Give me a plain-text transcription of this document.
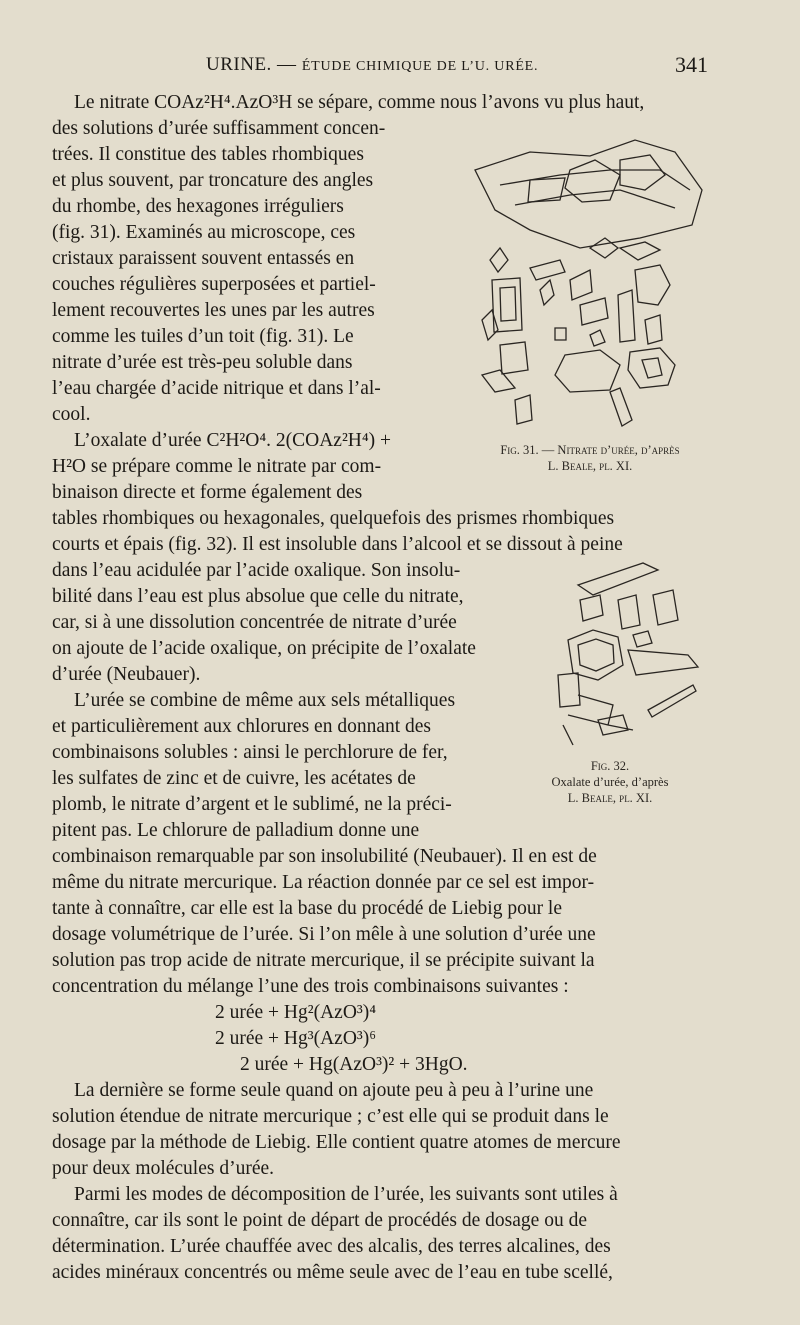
URINE. — ÉTUDE CHIMIQUE DE L’U. URÉE.	341
Le nitrate COAz²H⁴.AzO³H se sépare, comme nous l’avons vu plus haut,
des solutions d’urée suffisamment concen-
trées. Il constitue des tables rhombiques
et plus souvent, par troncature des angles
du rhombe, des hexagones irréguliers
(fig. 31). Examinés au microscope, ces
cristaux paraissent souvent entassés en
couches régulières superposées et partiel-
lement recouvertes les unes par les autres
comme les tuiles d’un toit (fig. 31). Le
nitrate d’urée est très-peu soluble dans
l’eau chargée d’acide nitrique et dans l’al-
cool.
L’oxalate d’urée C²H²O⁴. 2(COAz²H⁴) +
H²O se prépare comme le nitrate par com-
binaison directe et forme également des
tables rhombiques ou hexagonales, quelquefois des prismes rhombiques
courts et épais (fig. 32). Il est insoluble dans l’alcool et se dissout à peine
dans l’eau acidulée par l’acide oxalique. Son insolu-
bilité dans l’eau est plus absolue que celle du nitrate,
car, si à une dissolution concentrée de nitrate d’urée
on ajoute de l’acide oxalique, on précipite de l’oxalate
d’urée (Neubauer).
L’urée se combine de même aux sels métalliques
et particulièrement aux chlorures en donnant des
combinaisons solubles : ainsi le perchlorure de fer,
les sulfates de zinc et de cuivre, les acétates de
plomb, le nitrate d’argent et le sublimé, ne la préci-
pitent pas. Le chlorure de palladium donne une
combinaison remarquable par son insolubilité (Neubauer). Il en est de
même du nitrate mercurique. La réaction donnée par ce sel est impor-
tante à connaître, car elle est la base du procédé de Liebig pour le
dosage volumétrique de l’urée. Si l’on mêle à une solution d’urée une
solution pas trop acide de nitrate mercurique, il se précipite suivant la
concentration du mélange l’une des trois combinaisons suivantes :
2 urée + Hg²(AzO³)⁴
2 urée + Hg³(AzO³)⁶
2 urée + Hg(AzO³)² + 3HgO.
La dernière se forme seule quand on ajoute peu à peu à l’urine une
solution étendue de nitrate mercurique ; c’est elle qui se produit dans le
dosage par la méthode de Liebig. Elle contient quatre atomes de mercure
pour deux molécules d’urée.
Parmi les modes de décomposition de l’urée, les suivants sont utiles à
connaître, car ils sont le point de départ de procédés de dosage ou de
détermination. L’urée chauffée avec des alcalis, des terres alcalines, des
acides minéraux concentrés ou même seule avec de l’eau en tube scellé,
Fig. 31. — Nitrate d’urée, d’après
L. Beale, pl. XI.
Fig. 32.
Oxalate d’urée, d’après
L. Beale, pl. XI.
